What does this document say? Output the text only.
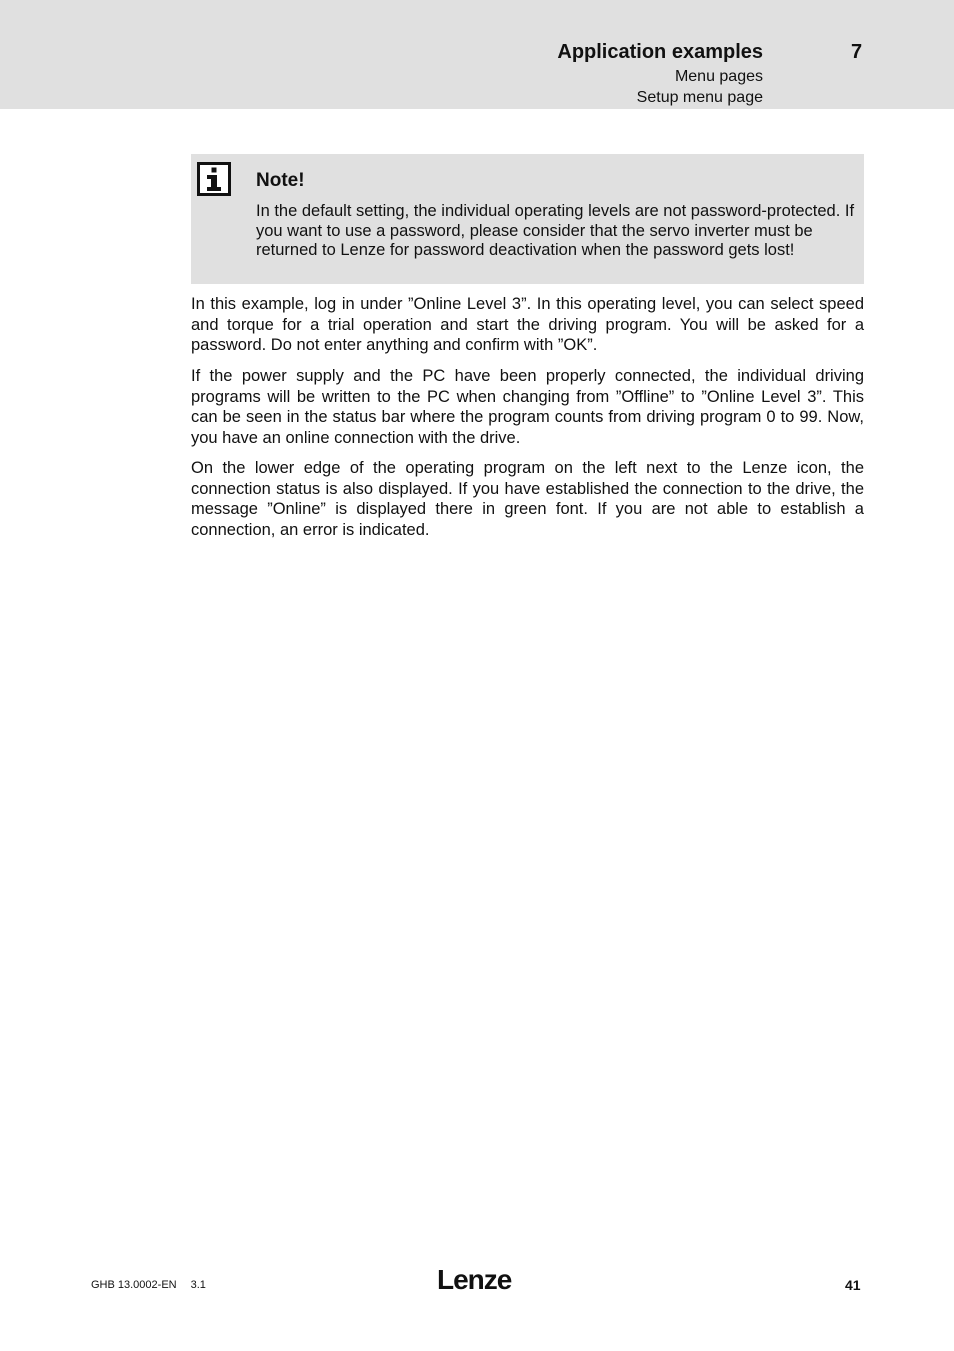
Application examples	7
Menu pages
Setup menu page
Note!

In the default setting, the individual operating levels are not password-protected. If you want to use a password, please consider that the servo inverter must be returned to Lenze for password deactivation when the password gets lost!

In this example, log in under ”Online Level 3”. In this operating level, you can select speed and torque for a trial operation and start the driving program. You will be asked for a password. Do not enter anything and confirm with ”OK”.

If the power supply and the PC have been properly connected, the individual driving programs will be written to the PC when changing from ”Offline” to ”Online Level 3”. This can be seen in the status bar where the program counts from driving program 0 to 99. Now, you have an online connection with the drive.

On the lower edge of the operating program on the left next to the Lenze icon, the connection status is also displayed. If you have established the connection to the drive, the message ”Online” is displayed there in green font. If you are not able to establish a connection, an error is indicated.

GHB 13.0002-EN 3.1	Lenze	41
